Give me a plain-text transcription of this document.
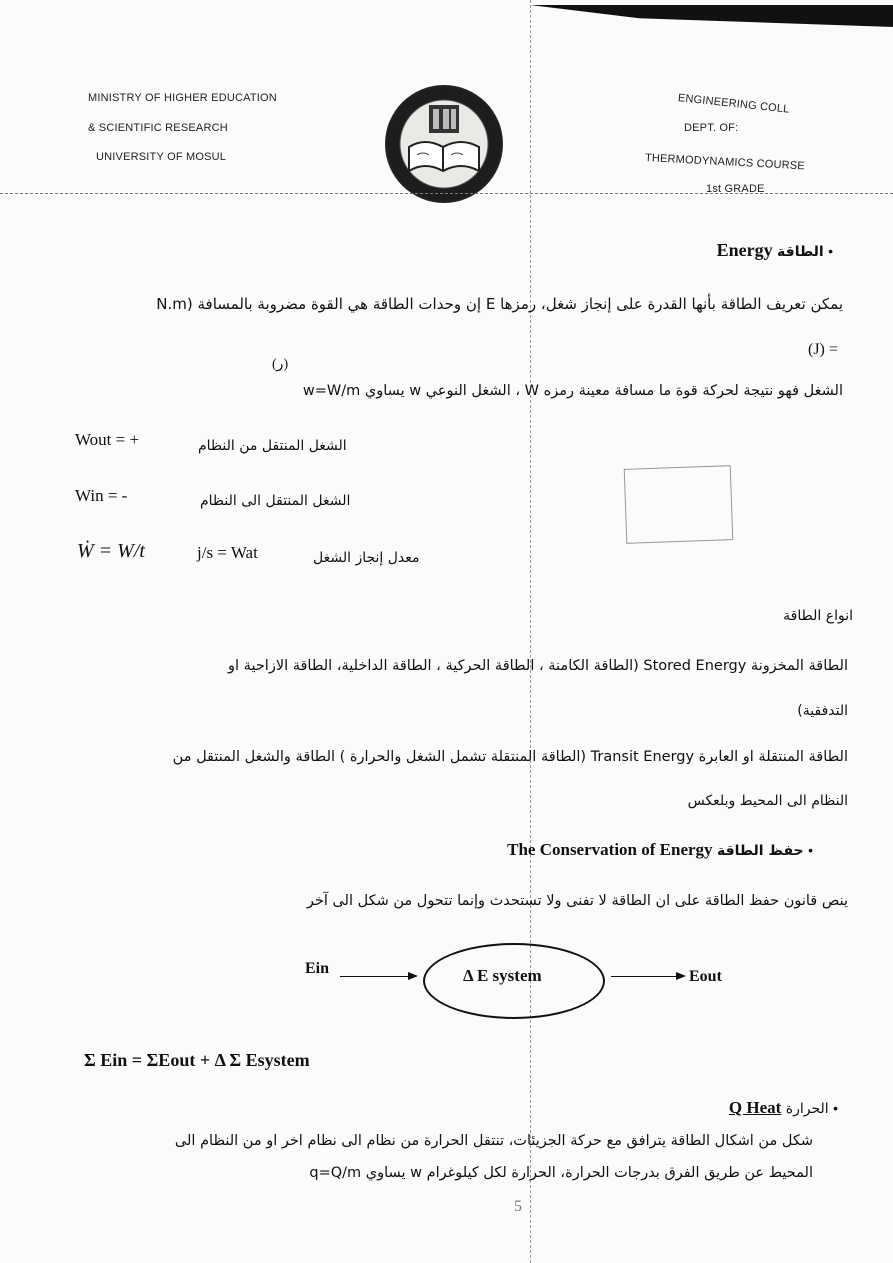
MINISTRY OF HIGHER EDUCATION
& SCIENTIFIC RESEARCH
UNIVERSITY OF MOSUL
ENGINEERING COLL
DEPT. OF:
THERMODYNAMICS COURSE
1st GRADE
• الطاقة Energy
يمكن تعريف الطاقة بأنها القدرة على إنجاز شغل، رمزها E إن وحدات الطاقة هي القوة مضروبة بالمسافة (N.m
(J) =
(ر)
الشغل فهو نتيجة لحركة قوة ما مسافة معينة رمزه W ، الشغل النوعي w يساوي w=W/m
Wout = +	الشغل المنتقل من النظام
Win = -	الشغل المنتقل الى النظام
Ẇ = W/t	j/s = Wat	معدل إنجاز الشغل
انواع الطاقة
الطاقة المخزونة Stored Energy (الطاقة الكامنة ، الطاقة الحركية ، الطاقة الداخلية، الطاقة الازاحية او
التدفقية)
الطاقة المنتقلة او العابرة Transit Energy (الطاقة المنتقلة تشمل الشغل والحرارة ) الطاقة والشغل المنتقل من
النظام الى المحيط وبلعكس
• حفظ الطاقة The Conservation of Energy
ينص قانون حفظ الطاقة على ان الطاقة لا تفنى ولا تستحدث وإنما تتحول من شكل الى آخر
Ein	Δ E system	Eout
Σ Ein = ΣEout + Δ Σ Esystem
• الحرارة Q Heat
شكل من اشكال الطاقة يترافق مع حركة الجزيئات، تنتقل الحرارة من نظام الى نظام اخر او من النظام الى
المحيط عن طريق الفرق بدرجات الحرارة، الحرارة لكل كيلوغرام w يساوي q=Q/m
5
